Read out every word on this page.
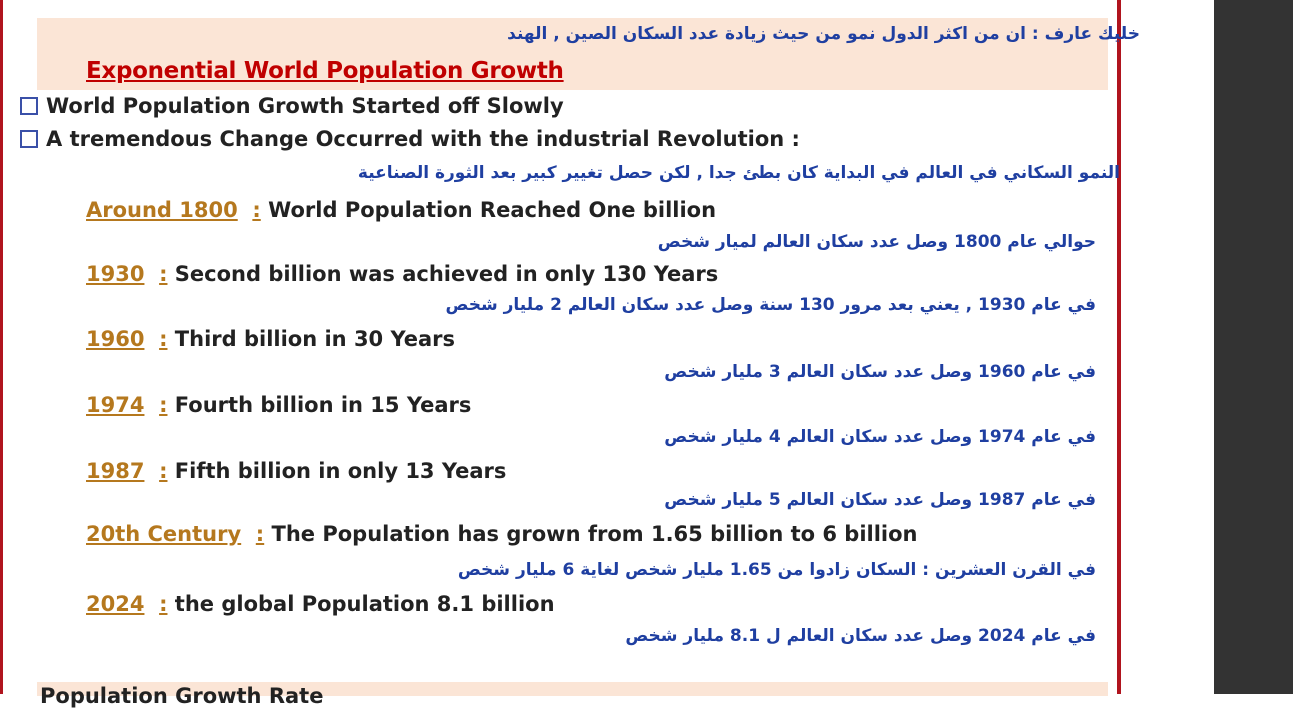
خليك عارف : ان من اكثر الدول نمو من حيث زيادة عدد السكان الصين , الهند
Exponential World Population Growth
World Population Growth Started off Slowly
A tremendous Change Occurred with the industrial Revolution :
النمو السكاني في العالم في البداية كان بطئ جدا , لكن حصل تغيير كبير بعد الثورة الصناعية
Around 1800 : World Population Reached One billion
حوالي عام 1800 وصل عدد سكان العالم لميار شخص
1930 : Second billion was achieved in only 130 Years
في عام 1930 , يعني بعد مرور 130 سنة وصل عدد سكان العالم 2 مليار شخص
1960 : Third billion in 30 Years
في عام 1960 وصل عدد سكان العالم 3 مليار شخص
1974 : Fourth billion in 15 Years
في عام 1974 وصل عدد سكان العالم 4 مليار شخص
1987 : Fifth billion in only 13 Years
في عام 1987 وصل عدد سكان العالم 5 مليار شخص
20th Century : The Population has grown from 1.65 billion to 6 billion
في القرن العشرين : السكان زادوا من 1.65 مليار شخص لغاية 6 مليار شخص
2024 : the global Population 8.1 billion
في عام 2024 وصل عدد سكان العالم ل 8.1 مليار شخص
Population Growth Rate
